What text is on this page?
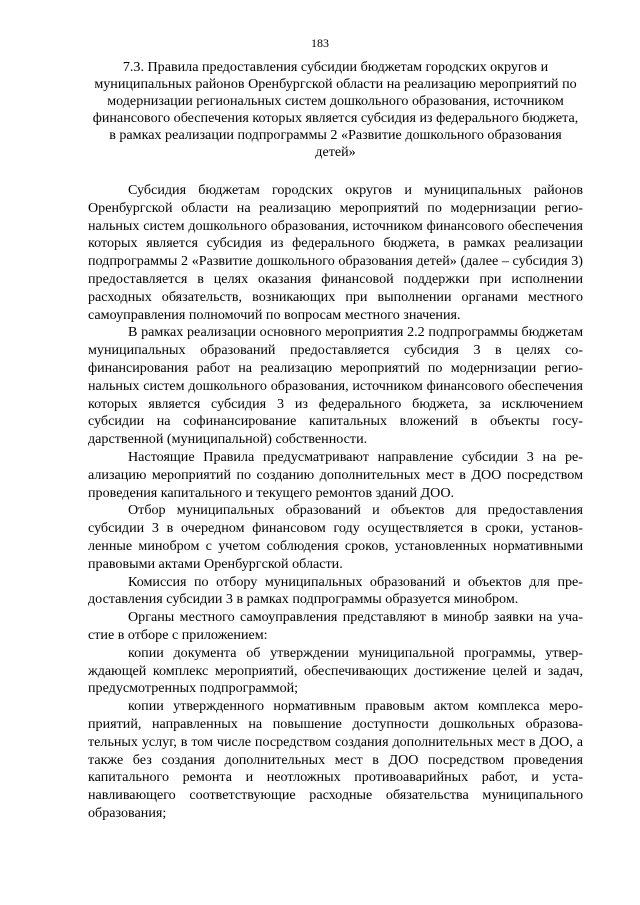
183
7.3. Правила предоставления субсидии бюджетам городских округов и муниципальных районов Оренбургской области на реализацию мероприятий по модернизации региональных систем дошкольного образования, источником финансового обеспечения которых является субсидия из федерального бюджета, в рамках реализации подпрограммы 2 «Развитие дошкольного образования детей»

Субсидия бюджетам городских округов и муниципальных районов Оренбургской области на реализацию мероприятий по модернизации региональных систем дошкольного образования, источником финансового обеспечения которых является субсидия из федерального бюджета, в рамках реализации подпрограммы 2 «Развитие дошкольного образования детей» (далее – субсидия 3) предоставляется в целях оказания финансовой поддержки при исполнении расходных обязательств, возникающих при выполнении органами местного самоуправления полномочий по вопросам местного значения.

В рамках реализации основного мероприятия 2.2 подпрограммы бюджетам муниципальных образований предоставляется субсидия 3 в целях софинансирования работ на реализацию мероприятий по модернизации региональных систем дошкольного образования, источником финансового обеспечения которых является субсидия 3 из федерального бюджета, за исключением субсидии на софинансирование капитальных вложений в объекты государственной (муниципальной) собственности.

Настоящие Правила предусматривают направление субсидии 3 на реализацию мероприятий по созданию дополнительных мест в ДОО посредством проведения капитального и текущего ремонтов зданий ДОО.

Отбор муниципальных образований и объектов для предоставления субсидии 3 в очередном финансовом году осуществляется в сроки, установленные минобром с учетом соблюдения сроков, установленных нормативными правовыми актами Оренбургской области.

Комиссия по отбору муниципальных образований и объектов для предоставления субсидии 3 в рамках подпрограммы образуется минобром.

Органы местного самоуправления представляют в минобр заявки на участие в отборе с приложением:

копии документа об утверждении муниципальной программы, утверждающей комплекс мероприятий, обеспечивающих достижение целей и задач, предусмотренных подпрограммой;

копии утвержденного нормативным правовым актом комплекса мероприятий, направленных на повышение доступности дошкольных образовательных услуг, в том числе посредством создания дополнительных мест в ДОО, а также без создания дополнительных мест в ДОО посредством проведения капитального ремонта и неотложных противоаварийных работ, и устанавливающего соответствующие расходные обязательства муниципального образования;
